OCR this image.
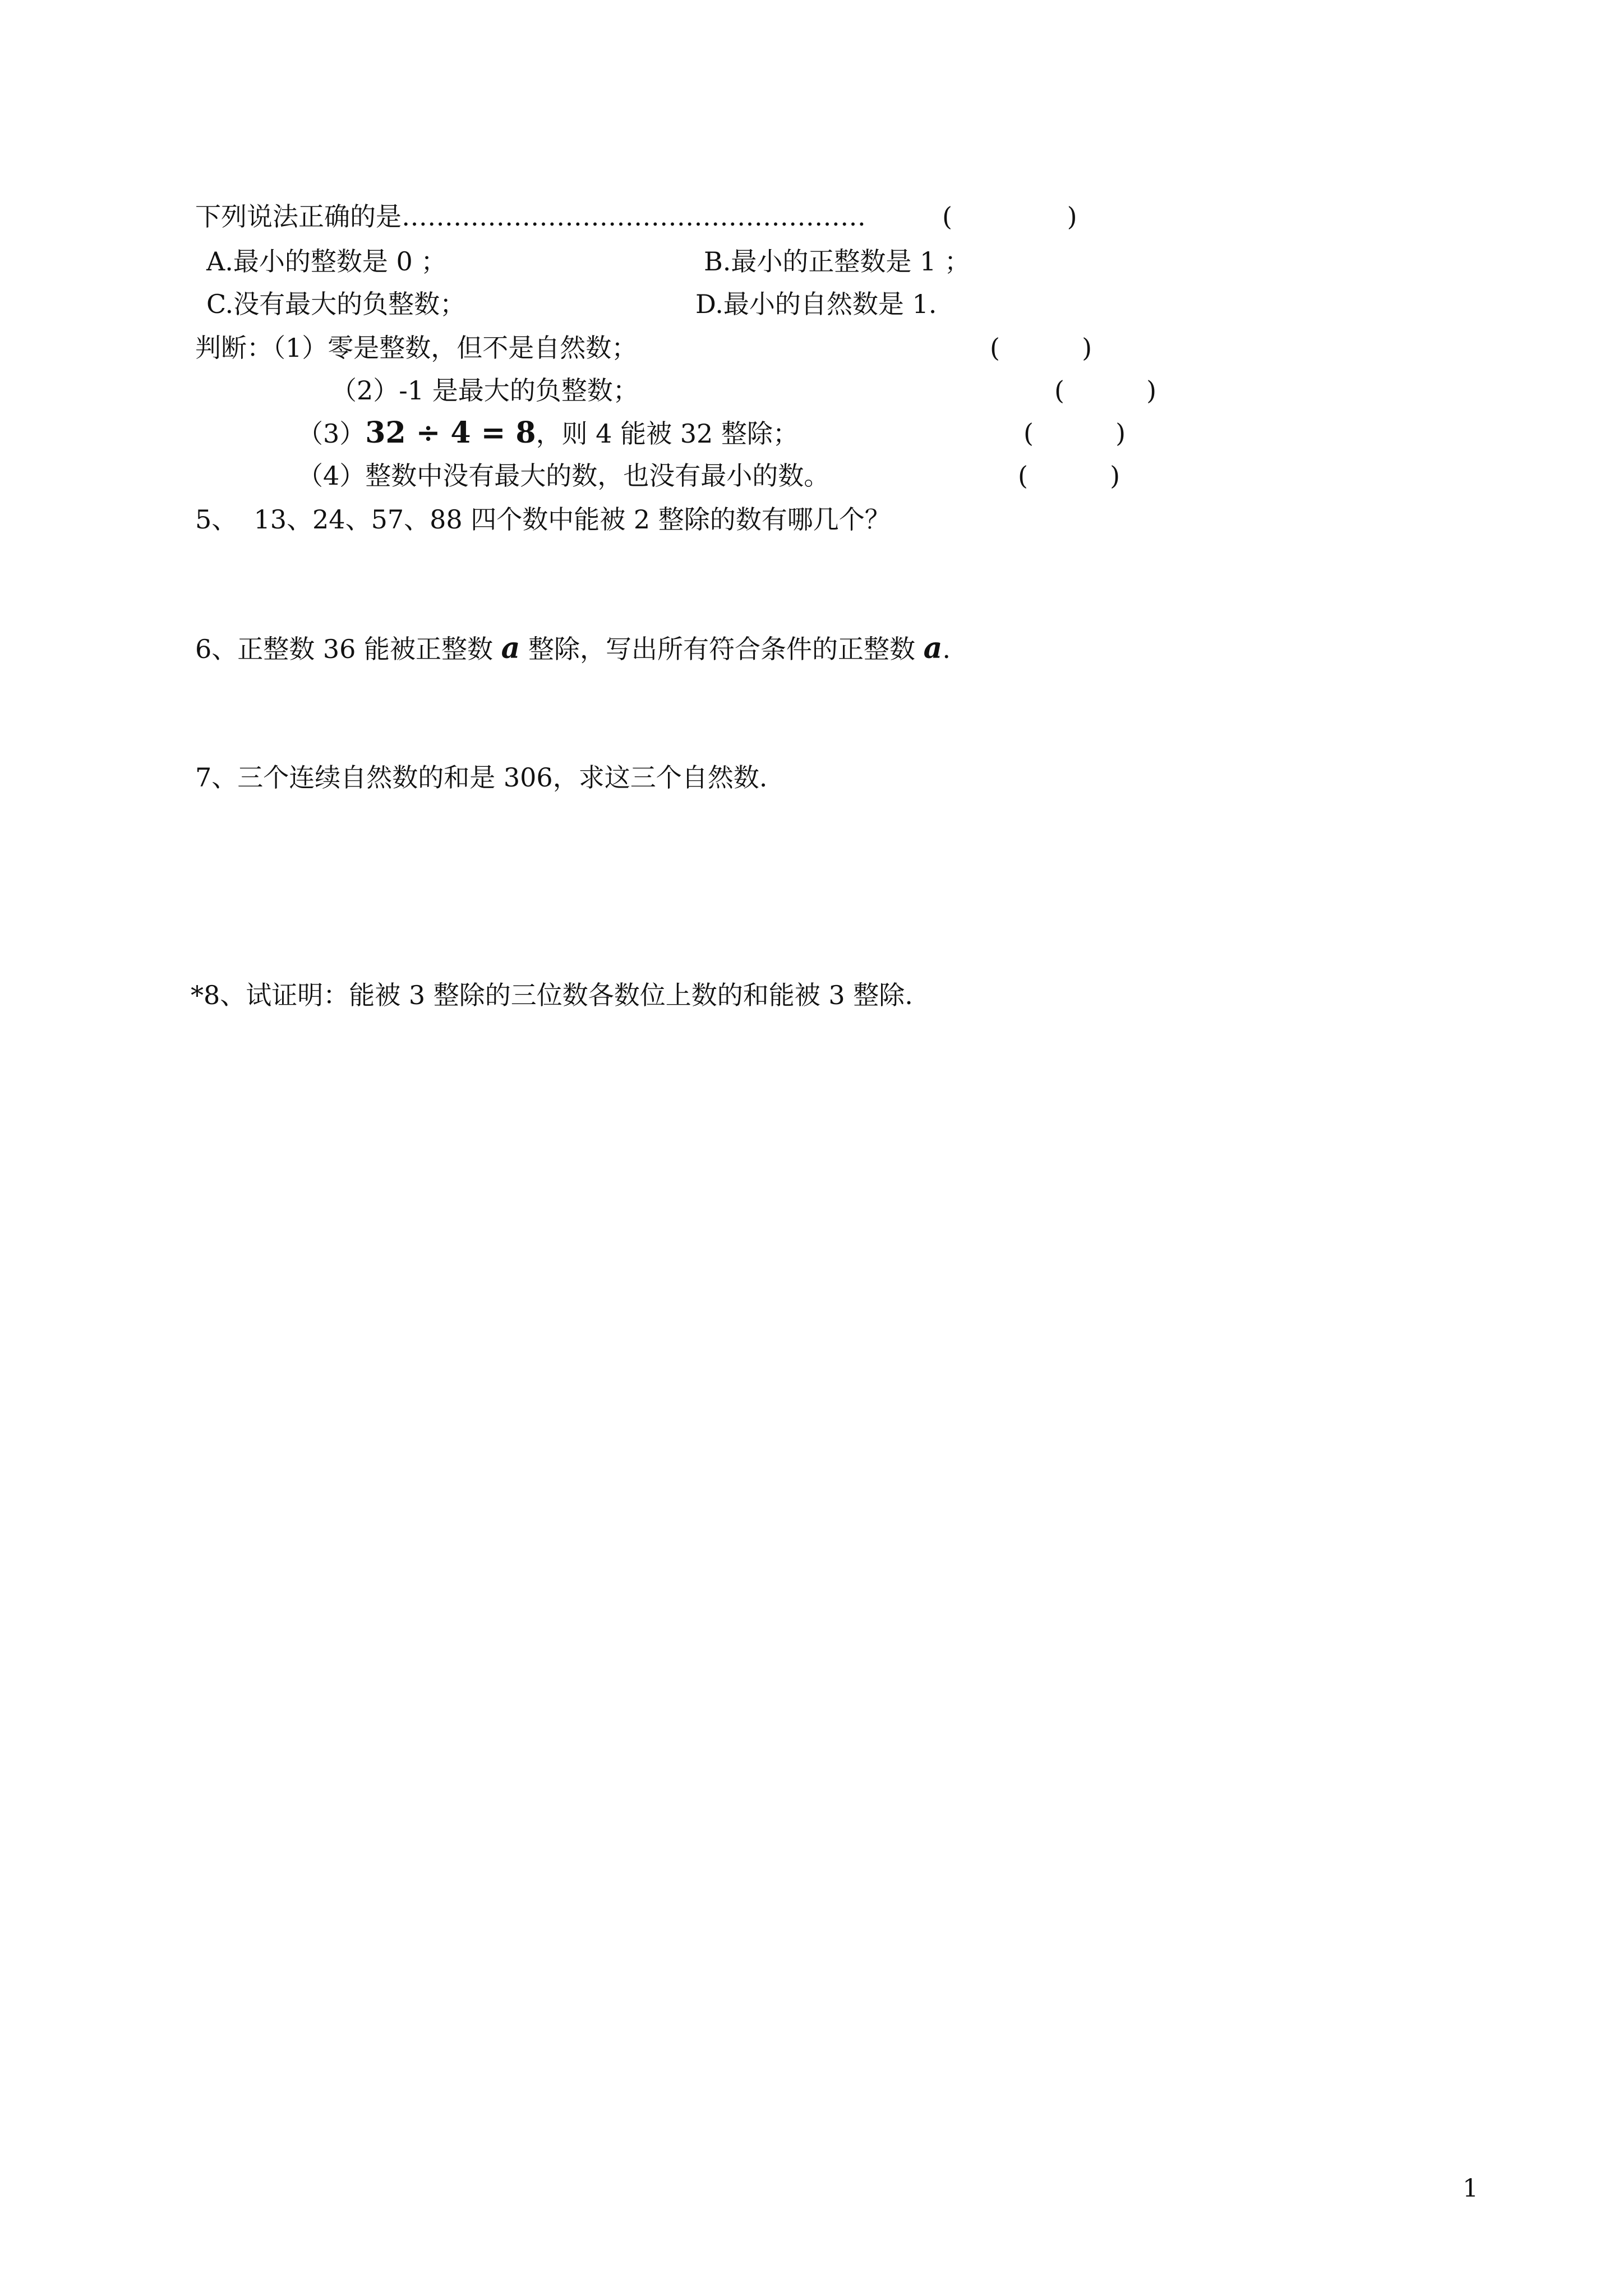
下列说法正确的是………………………………………………	(              )
A.最小的整数是 0 ；	B.最小的正整数是 1 ；
C.没有最大的负整数；	D.最小的自然数是 1.
判断：（1）零是整数，但不是自然数；	(          )
（2）-1 是最大的负整数；	(          )
（3）32 ÷ 4 = 8，则 4 能被 32 整除；	(          )
（4）整数中没有最大的数，也没有最小的数。	(          )
5、  13、24、57、88 四个数中能被 2 整除的数有哪几个？
6、正整数 36 能被正整数 a 整除，写出所有符合条件的正整数 a.
7、三个连续自然数的和是 306，求这三个自然数.
*8、试证明：能被 3 整除的三位数各数位上数的和能被 3 整除.
1
